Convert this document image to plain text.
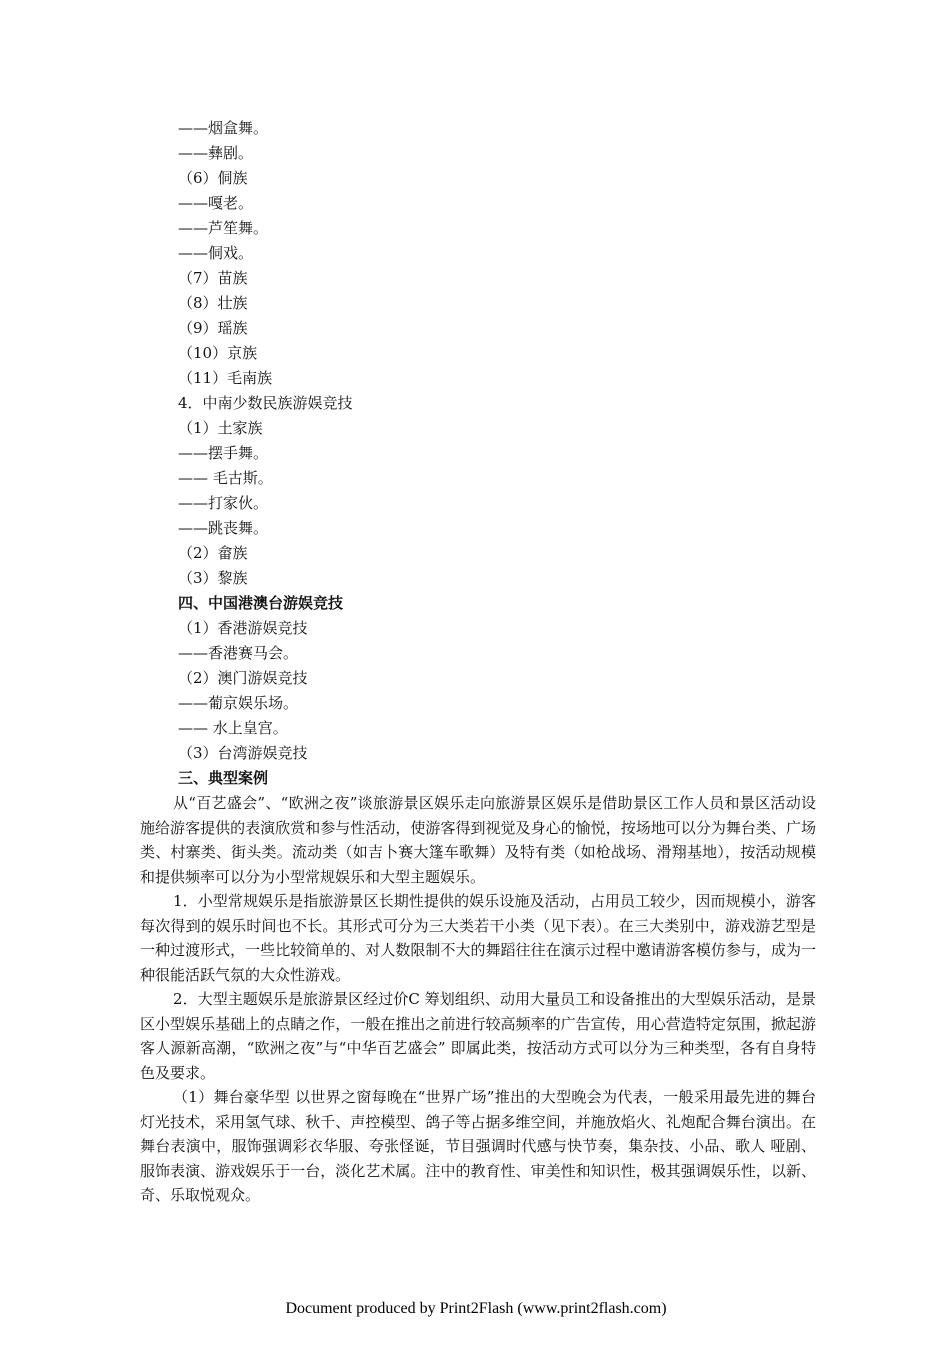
——烟盒舞。
——彝剧。
（6）侗族
——嘎老。
——芦笙舞。
——侗戏。
（7）苗族
（8）壮族
（9）瑶族
（10）京族
（11）毛南族
4．中南少数民族游娱竞技
（1）土家族
——摆手舞。
—— 毛古斯。
——打家伙。
——跳丧舞。
（2）畲族
（3）黎族
四、中国港澳台游娱竞技
（1）香港游娱竞技
——香港赛马会。
（2）澳门游娱竞技
——葡京娱乐场。
—— 水上皇宫。
（3）台湾游娱竞技
三、典型案例

从“百艺盛会”、“欧洲之夜”谈旅游景区娱乐走向旅游景区娱乐是借助景区工作人员和景区活动设施给游客提供的表演欣赏和参与性活动，使游客得到视觉及身心的愉悦，按场地可以分为舞台类、广场类、村寨类、街头类。流动类（如吉卜赛大篷车歌舞）及特有类（如枪战场、滑翔基地），按活动规模和提供频率可以分为小型常规娱乐和大型主题娱乐。

1．小型常规娱乐是指旅游景区长期性提供的娱乐设施及活动，占用员工较少，因而规模小，游客每次得到的娱乐时间也不长。其形式可分为三大类若干小类（见下表）。在三大类别中，游戏游艺型是一种过渡形式，一些比较简单的、对人数限制不大的舞蹈往往在演示过程中邀请游客模仿参与，成为一种很能活跃气氛的大众性游戏。

2．大型主题娱乐是旅游景区经过价C 筹划组织、动用大量员工和设备推出的大型娱乐活动，是景区小型娱乐基础上的点睛之作，一般在推出之前进行较高频率的广告宣传，用心营造特定氛围，掀起游客人源新高潮，“欧洲之夜”与“中华百艺盛会” 即属此类，按活动方式可以分为三种类型，各有自身特色及要求。

（1）舞台豪华型 以世界之窗每晚在“世界广场”推出的大型晚会为代表，一般采用最先进的舞台灯光技术，采用氢气球、秋千、声控模型、鸽子等占据多维空间，并施放焰火、礼炮配合舞台演出。在舞台表演中，服饰强调彩衣华服、夸张怪诞，节目强调时代感与快节奏，集杂技、小品、歌人 哑剧、服饰表演、游戏娱乐于一台，淡化艺术属。注中的教育性、审美性和知识性，极其强调娱乐性，以新、奇、乐取悦观众。

Document produced by Print2Flash (www.print2flash.com)
